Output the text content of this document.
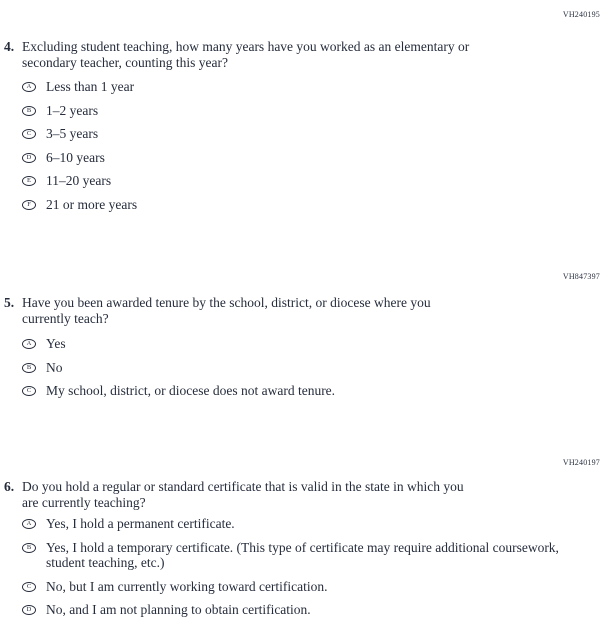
VH240195
4. Excluding student teaching, how many years have you worked as an elementary or
secondary teacher, counting this year?
A	Less than 1 year
B	1–2 years
C	3–5 years
D	6–10 years
E	11–20 years
F	21 or more years
VH847397
5. Have you been awarded tenure by the school, district, or diocese where you
currently teach?
A	Yes
B	No
C	My school, district, or diocese does not award tenure.
VH240197
6. Do you hold a regular or standard certificate that is valid in the state in which you
are currently teaching?
A	Yes, I hold a permanent certificate.
B	Yes, I hold a temporary certificate. (This type of certificate may require additional coursework,
student teaching, etc.)
C	No, but I am currently working toward certification.
D	No, and I am not planning to obtain certification.
